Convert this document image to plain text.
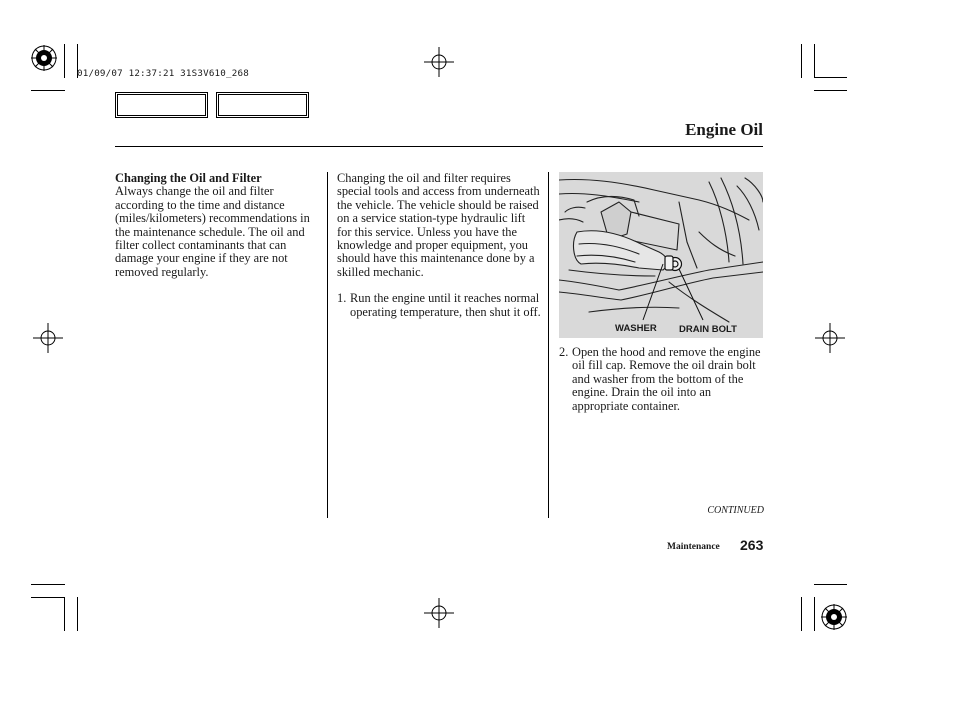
01/09/07 12:37:21 31S3V610_268
Engine Oil

Changing the Oil and Filter

Always change the oil and filter according to the time and distance (miles/kilometers) recommendations in the maintenance schedule. The oil and filter collect contaminants that can damage your engine if they are not removed regularly.

Changing the oil and filter requires special tools and access from underneath the vehicle. The vehicle should be raised on a service station-type hydraulic lift for this service. Unless you have the knowledge and proper equipment, you should have this maintenance done by a skilled mechanic.

1. Run the engine until it reaches normal operating temperature, then shut it off.
WASHER DRAIN BOLT
2. Open the hood and remove the engine oil fill cap. Remove the oil drain bolt and washer from the bottom of the engine. Drain the oil into an appropriate container.
CONTINUED
Maintenance 263
